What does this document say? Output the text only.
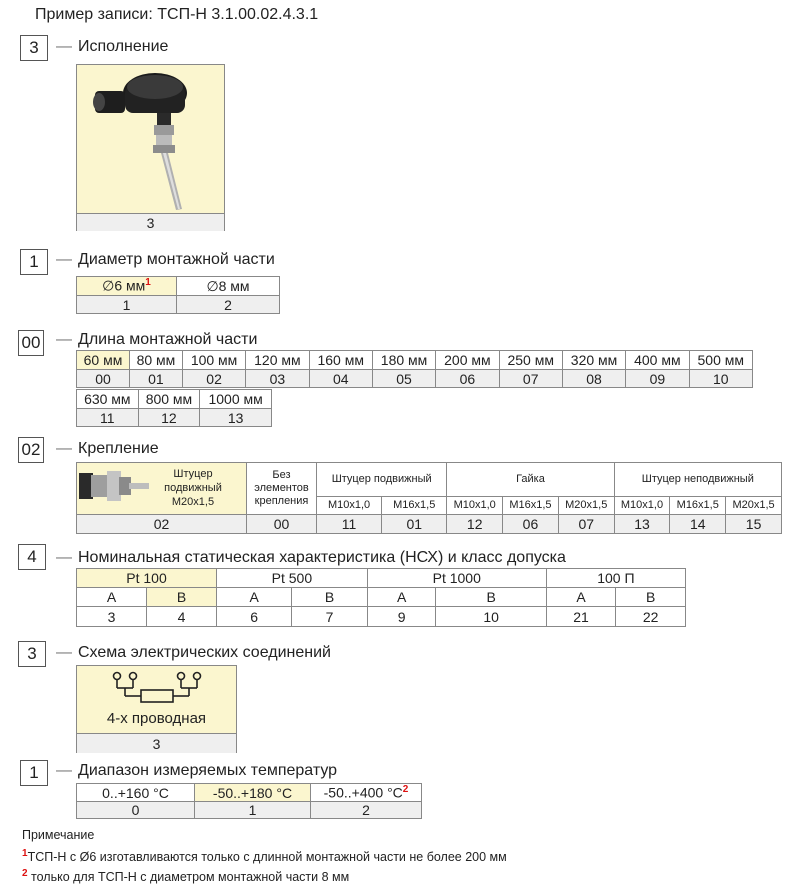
Пример записи: ТСП-Н 3.1.00.02.4.3.1
3	— Исполнение
3
1	— Диаметр монтажной части
∅6 $мм^1$	∅8 мм
1	2
00 — Длина монтажной части
60 мм	80 мм	100 мм	120 мм	160 мм	180 мм	200 мм	250 мм	320 мм	400 мм	500 мм
00	01	02	03	04	05	06	07	08	09	10
630 мм	800 мм	1000 мм
11	12	13
02 — Крепление
Штуцер подвижный М20х1,5	Без элементов крепления	Штуцер подвижный		Гайка			Штуцер неподвижный		
		М10х1,0	М16х1,5	М10х1,0	М16х1,5	М20х1,5	М10х1,0	М16х1,5	М20х1,5
02	00	11	01	12	06	07	13	14	15
4	— Номинальная статическая характеристика (НСХ) и класс допуска
Pt 100		Pt 500		Pt 1000		100 П	
A	B	A	B	A	B	A	B
3	4	6	7	9	10	21	22
3	— Схема электрических соединений
4-х проводная
3
1	— Диапазон измеряемых температур
0..+160 °C	-50..+180 °C	-50..+400 $^\circ C^2$
0	1	2
Примечание
$^1$ТСП-Н с Ø6 изготавливаются только с длинной монтажной части не более 200 мм
$^2$ только для ТСП-Н с диаметром монтажной части 8 мм
